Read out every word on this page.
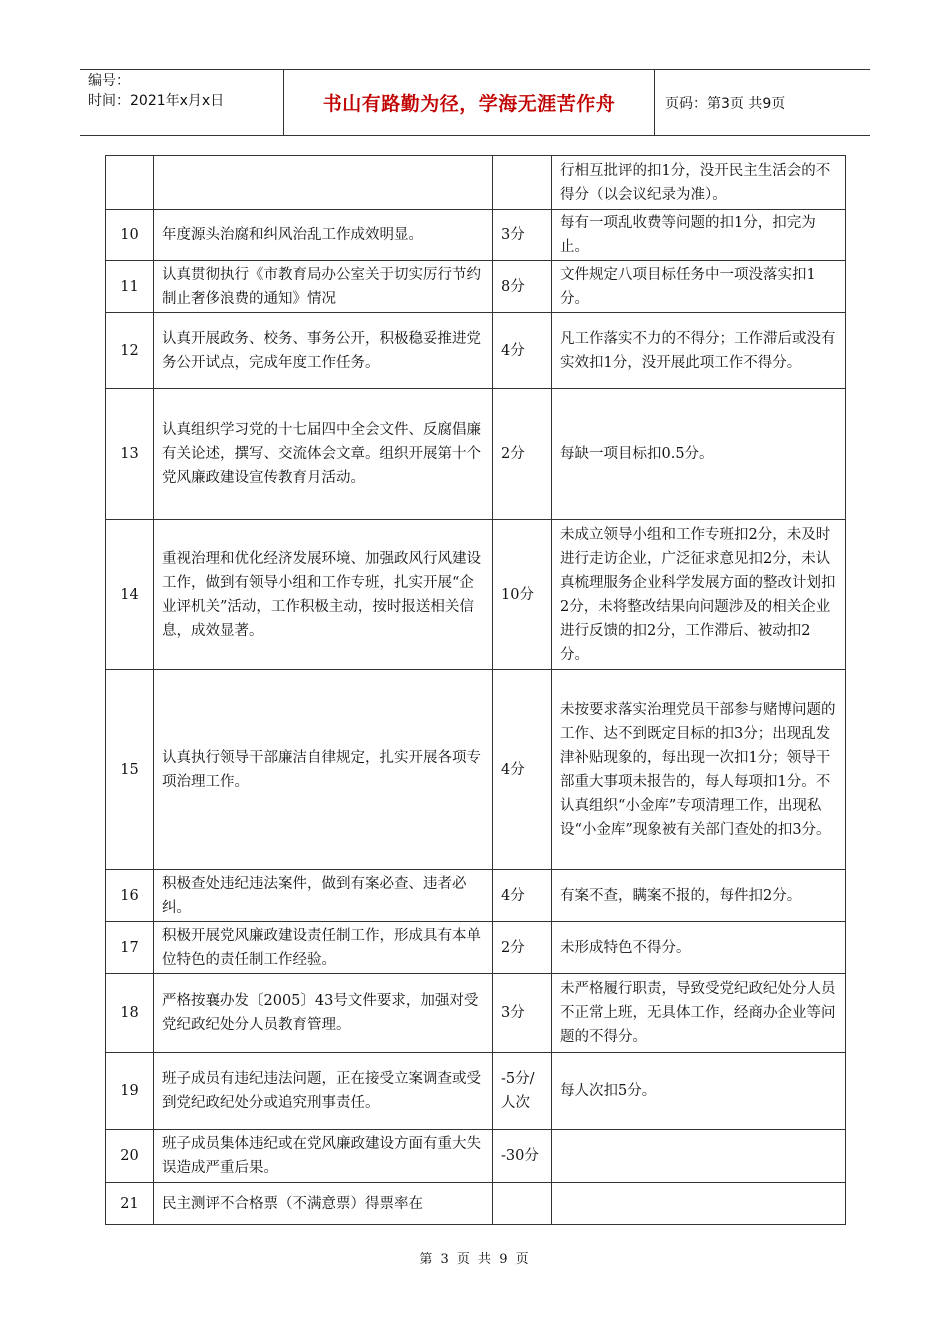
编号：
时间：2021年x月x日	书山有路勤为径，学海无涯苦作舟	页码：第3页 共9页
			行相互批评的扣1分，没开民主生活会的不得分（以会议纪录为准）。
10	年度源头治腐和纠风治乱工作成效明显。	3分	每有一项乱收费等问题的扣1分，扣完为止。
11	认真贯彻执行《市教育局办公室关于切实厉行节约制止奢侈浪费的通知》情况	8分	文件规定八项目标任务中一项没落实扣1分。
12	认真开展政务、校务、事务公开，积极稳妥推进党务公开试点，完成年度工作任务。	4分	凡工作落实不力的不得分；工作滞后或没有实效扣1分，没开展此项工作不得分。
13	认真组织学习党的十七届四中全会文件、反腐倡廉有关论述，撰写、交流体会文章。组织开展第十个党风廉政建设宣传教育月活动。	2分	每缺一项目标扣0.5分。
14	重视治理和优化经济发展环境、加强政风行风建设工作，做到有领导小组和工作专班，扎实开展“企业评机关”活动，工作积极主动，按时报送相关信息，成效显著。	10分	未成立领导小组和工作专班扣2分，未及时进行走访企业，广泛征求意见扣2分，未认真梳理服务企业科学发展方面的整改计划扣2分，未将整改结果向问题涉及的相关企业进行反馈的扣2分，工作滞后、被动扣2分。
15	认真执行领导干部廉洁自律规定，扎实开展各项专项治理工作。	4分	未按要求落实治理党员干部参与赌博问题的工作、达不到既定目标的扣3分；出现乱发津补贴现象的，每出现一次扣1分；领导干部重大事项未报告的，每人每项扣1分。不认真组织“小金库”专项清理工作，出现私设“小金库”现象被有关部门查处的扣3分。
16	积极查处违纪违法案件，做到有案必查、违者必纠。	4分	有案不查，瞒案不报的，每件扣2分。
17	积极开展党风廉政建设责任制工作，形成具有本单位特色的责任制工作经验。	2分	未形成特色不得分。
18	严格按襄办发〔2005〕43号文件要求，加强对受党纪政纪处分人员教育管理。	3分	未严格履行职责，导致受党纪政纪处分人员不正常上班，无具体工作，经商办企业等问题的不得分。
19	班子成员有违纪违法问题，正在接受立案调查或受到党纪政纪处分或追究刑事责任。	-5分/人次	每人次扣5分。
20	班子成员集体违纪或在党风廉政建设方面有重大失误造成严重后果。	-30分	
21	民主测评不合格票（不满意票）得票率在		
第 3 页 共 9 页
